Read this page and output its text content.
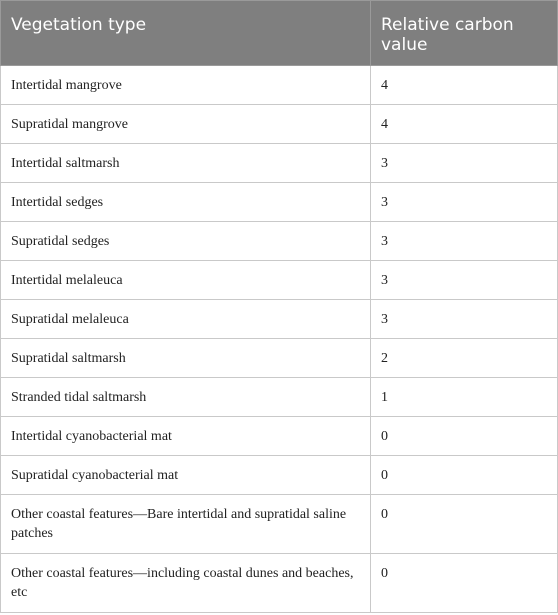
Vegetation type	Relative carbon value
Intertidal mangrove	4
Supratidal mangrove	4
Intertidal saltmarsh	3
Intertidal sedges	3
Supratidal sedges	3
Intertidal melaleuca	3
Supratidal melaleuca	3
Supratidal saltmarsh	2
Stranded tidal saltmarsh	1
Intertidal cyanobacterial mat	0
Supratidal cyanobacterial mat	0
Other coastal features—Bare intertidal and supratidal saline patches	0
Other coastal features—including coastal dunes and beaches, etc	0
